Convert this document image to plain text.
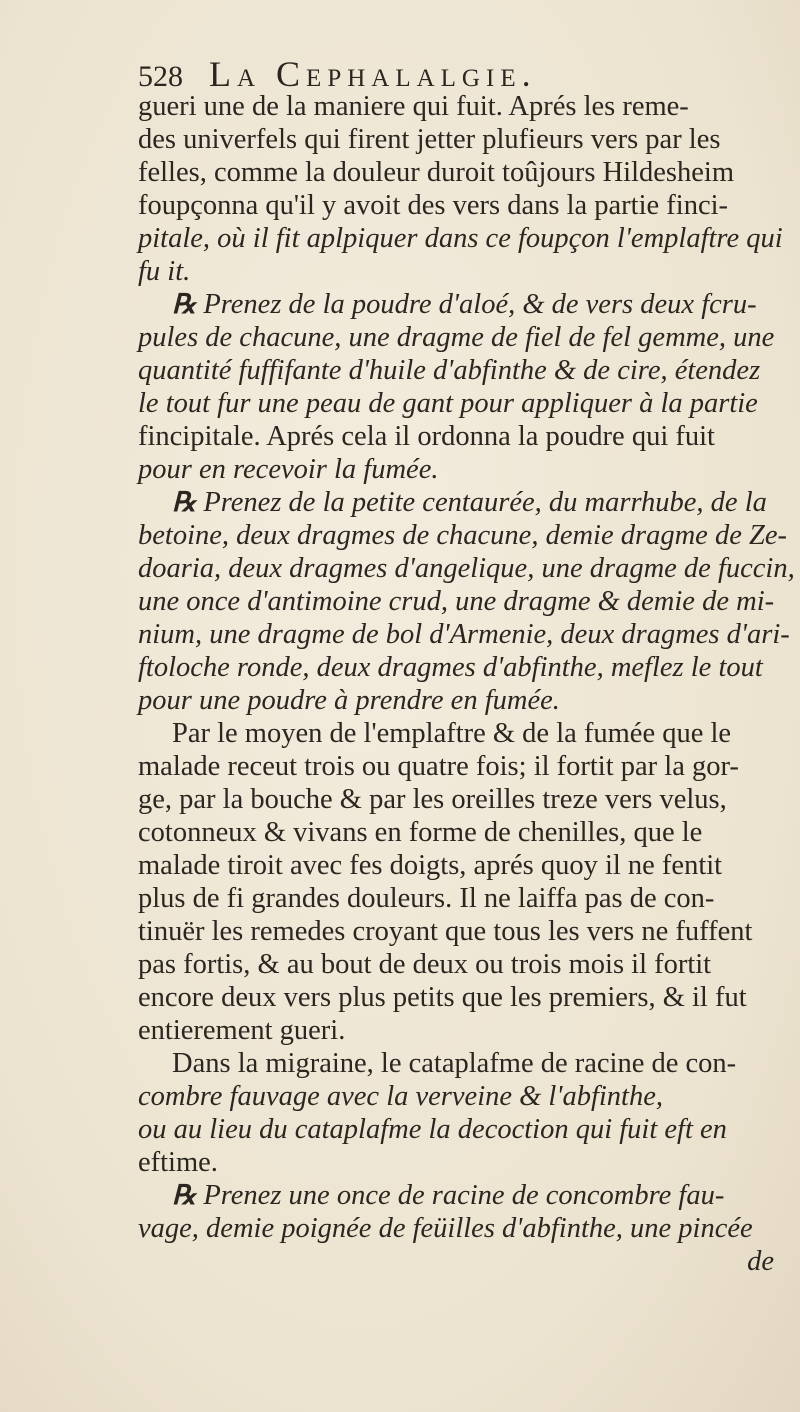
528 La Cephalalgie.
gueri une de la maniere qui fuit. Aprés les reme-
des univerfels qui firent jetter plufieurs vers par les
felles, comme la douleur duroit toûjours Hildesheim
foupçonna qu'il y avoit des vers dans la partie finci-
pitale, où il fit aplpiquer dans ce foupçon l'emplaftre qui
fu it.
℞ Prenez de la poudre d'aloé, & de vers deux fcru-
pules de chacune, une dragme de fiel de fel gemme, une
quantité fuffifante d'huile d'abfinthe & de cire, étendez
le tout fur une peau de gant pour appliquer à la partie
fincipitale. Aprés cela il ordonna la poudre qui fuit
pour en recevoir la fumée.
℞ Prenez de la petite centaurée, du marrhube, de la
betoine, deux dragmes de chacune, demie dragme de Ze-
doaria, deux dragmes d'angelique, une dragme de fuccin,
une once d'antimoine crud, une dragme & demie de mi-
nium, une dragme de bol d'Armenie, deux dragmes d'ari-
ftoloche ronde, deux dragmes d'abfinthe, meflez le tout
pour une poudre à prendre en fumée.
Par le moyen de l'emplaftre & de la fumée que le
malade receut trois ou quatre fois; il fortit par la gor-
ge, par la bouche & par les oreilles treze vers velus,
cotonneux & vivans en forme de chenilles, que le
malade tiroit avec fes doigts, aprés quoy il ne fentit
plus de fi grandes douleurs. Il ne laiffa pas de con-
tinuër les remedes croyant que tous les vers ne fuffent
pas fortis, & au bout de deux ou trois mois il fortit
encore deux vers plus petits que les premiers, & il fut
entierement gueri.
Dans la migraine, le cataplafme de racine de con-
combre fauvage avec la verveine & l'abfinthe,
ou au lieu du cataplafme la decoction qui fuit eft en
eftime.
℞ Prenez une once de racine de concombre fau-
vage, demie poignée de feüilles d'abfinthe, une pincée
de
